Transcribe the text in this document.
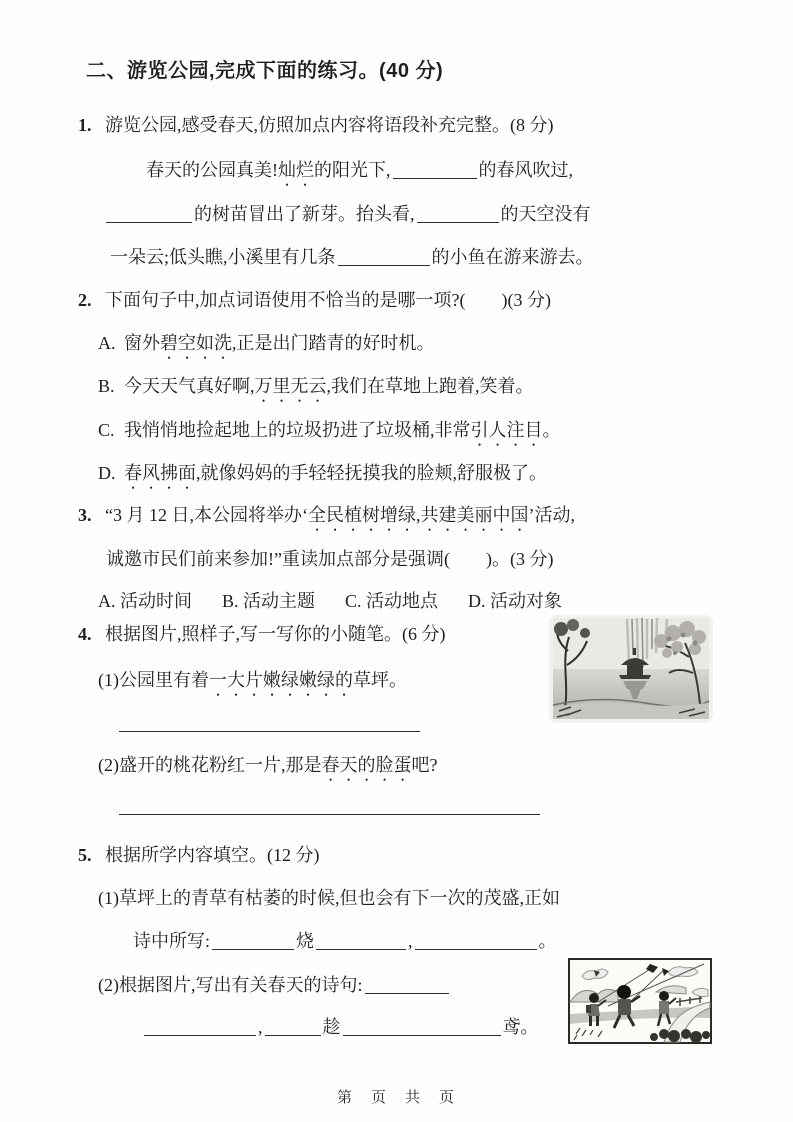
二、游览公园,完成下面的练习。(40 分)
1. 游览公园,感受春天,仿照加点内容将语段补充完整。(8 分)
春天的公园真美!灿烂的阳光下,	的春风吹过,
的树苗冒出了新芽。抬头看,	的天空没有
一朵云;低头瞧,小溪里有几条	的小鱼在游来游去。
2. 下面句子中,加点词语使用不恰当的是哪一项?(　　)(3 分)
A. 窗外碧空如洗,正是出门踏青的好时机。
B. 今天天气真好啊,万里无云,我们在草地上跑着,笑着。
C. 我悄悄地捡起地上的垃圾扔进了垃圾桶,非常引人注目。
D. 春风拂面,就像妈妈的手轻轻抚摸我的脸颊,舒服极了。
3. “3 月 12 日,本公园将举办‘全民植树增绿,共建美丽中国’活动,
诚邀市民们前来参加!”重读加点部分是强调(　　)。(3 分)
A. 活动时间 B. 活动主题 C. 活动地点 D. 活动对象
4. 根据图片,照样子,写一写你的小随笔。(6 分)
(1)公园里有着一大片嫩绿嫩绿的草坪。
(2)盛开的桃花粉红一片,那是春天的脸蛋吧?
5. 根据所学内容填空。(12 分)
(1)草坪上的青草有枯萎的时候,但也会有下一次的茂盛,正如
诗中所写:	烧	,	。
(2)根据图片,写出有关春天的诗句:
,	趁	鸢。
第　页　共　页
